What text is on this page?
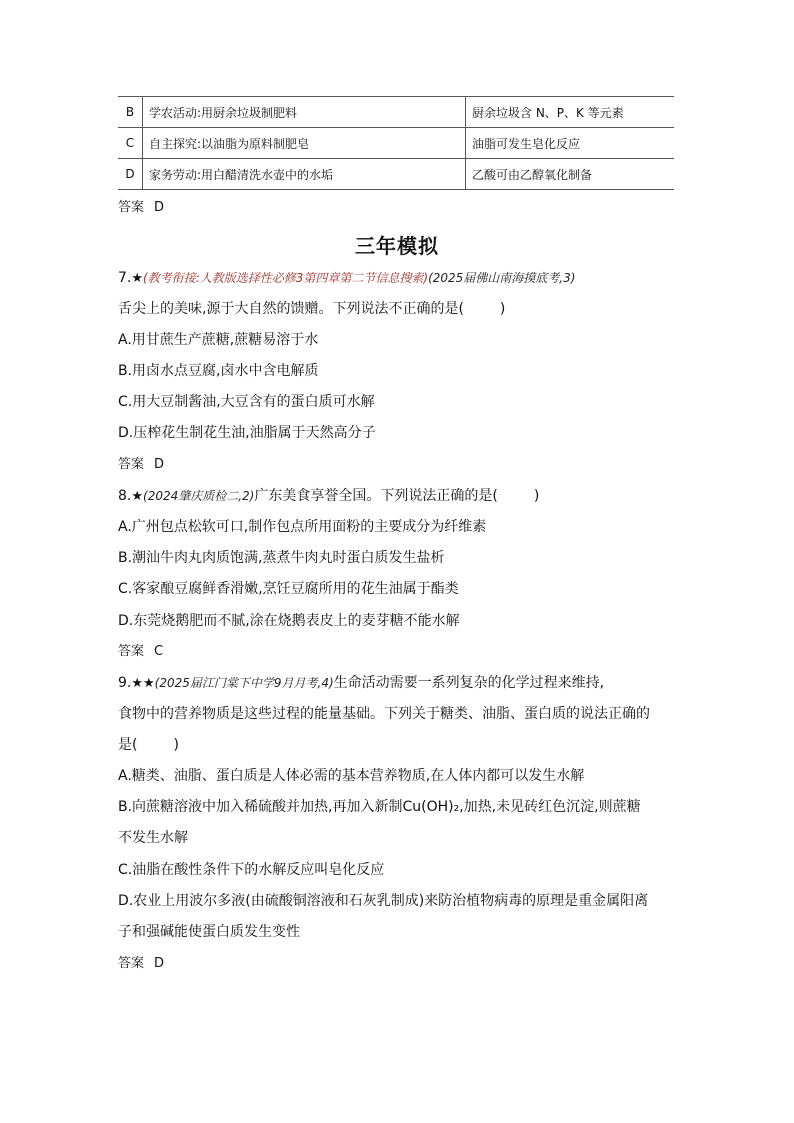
B	学农活动:用厨余垃圾制肥料	厨余垃圾含 N、P、K 等元素
C	自主探究:以油脂为原料制肥皂	油脂可发生皂化反应
D	家务劳动:用白醋清洗水壶中的水垢	乙酸可由乙醇氧化制备
答案 D
三年模拟
7.★(教考衔接:人教版选择性必修3第四章第二节信息搜索)(2025届佛山南海摸底考,3)
舌尖上的美味,源于大自然的馈赠。下列说法不正确的是(	)
A.用甘蔗生产蔗糖,蔗糖易溶于水
B.用卤水点豆腐,卤水中含电解质
C.用大豆制酱油,大豆含有的蛋白质可水解
D.压榨花生制花生油,油脂属于天然高分子
答案 D
8.★(2024肇庆质检二,2)广东美食享誉全国。下列说法正确的是(	)
A.广州包点松软可口,制作包点所用面粉的主要成分为纤维素
B.潮汕牛肉丸肉质饱满,蒸煮牛肉丸时蛋白质发生盐析
C.客家酿豆腐鲜香滑嫩,烹饪豆腐所用的花生油属于酯类
D.东莞烧鹅肥而不腻,涂在烧鹅表皮上的麦芽糖不能水解
答案 C
9.★★(2025届江门棠下中学9月月考,4)生命活动需要一系列复杂的化学过程来维持,
食物中的营养物质是这些过程的能量基础。下列关于糖类、油脂、蛋白质的说法正确的
是(	)
A.糖类、油脂、蛋白质是人体必需的基本营养物质,在人体内都可以发生水解
B.向蔗糖溶液中加入稀硫酸并加热,再加入新制Cu(OH)₂,加热,未见砖红色沉淀,则蔗糖
不发生水解
C.油脂在酸性条件下的水解反应叫皂化反应
D.农业上用波尔多液(由硫酸铜溶液和石灰乳制成)来防治植物病毒的原理是重金属阳离
子和强碱能使蛋白质发生变性
答案 D
